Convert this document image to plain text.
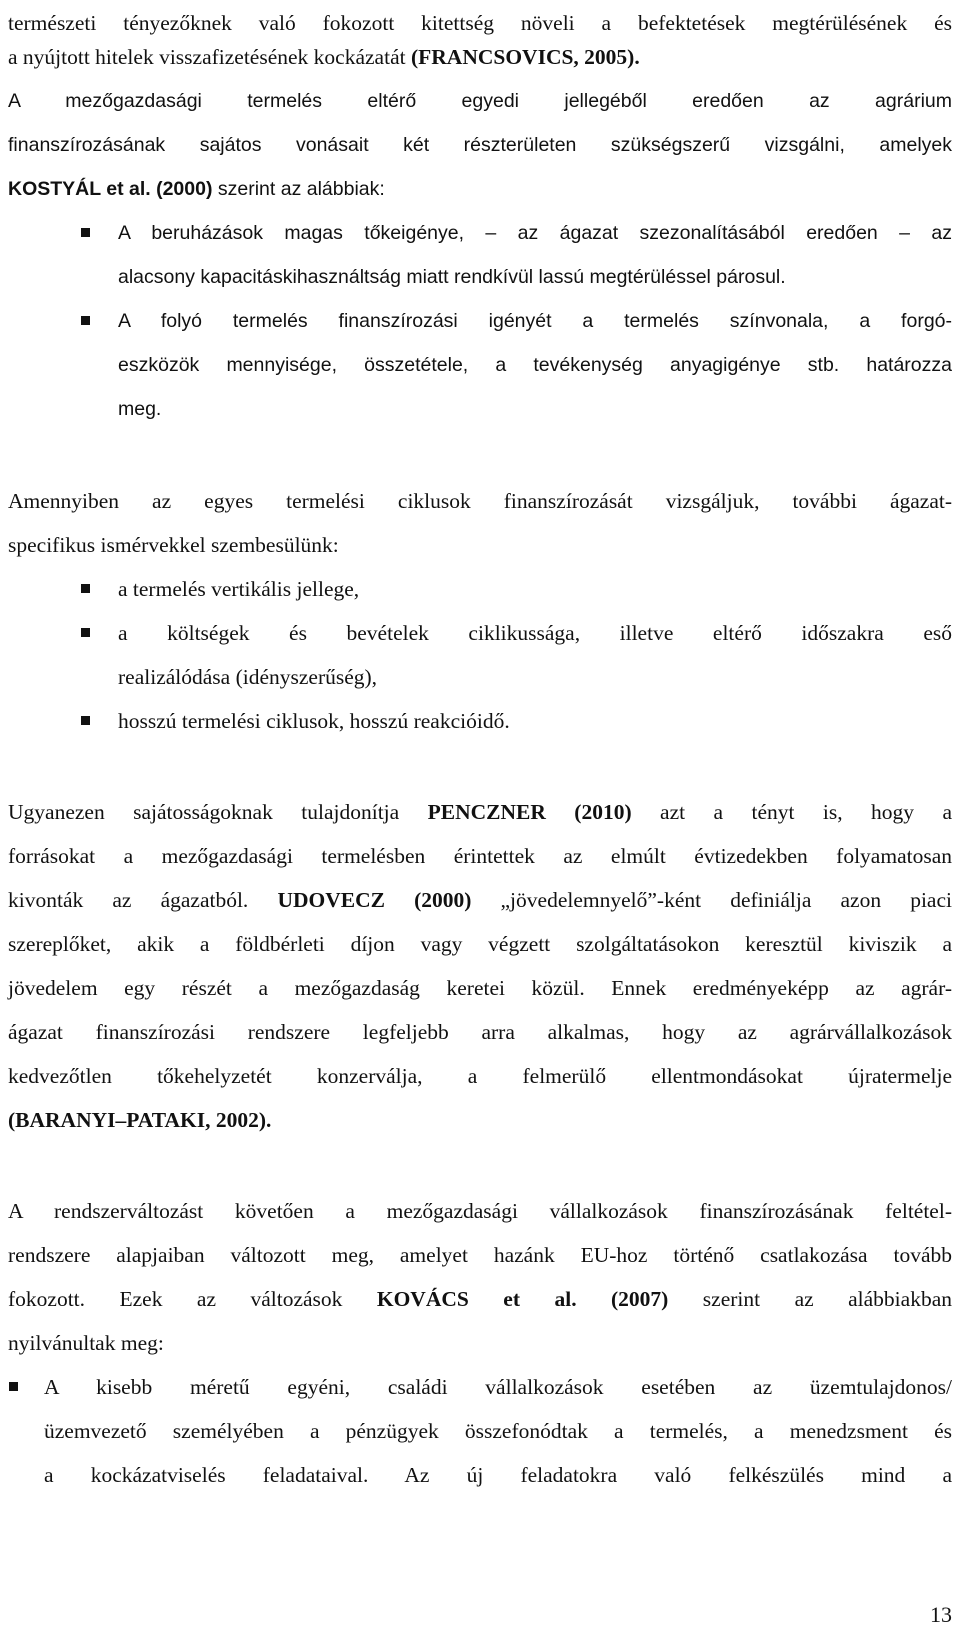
természeti tényezőknek való fokozott kitettség növeli a befektetések megtérülésének és
a nyújtott hitelek visszafizetésének kockázatát (FRANCSOVICS, 2005).
A mezőgazdasági termelés eltérő egyedi jellegéből eredően az agrárium
finanszírozásának sajátos vonásait két részterületen szükségszerű vizsgálni, amelyek
KOSTYÁL et al. (2000) szerint az alábbiak:
A beruházások magas tőkeigénye, – az ágazat szezonalításából eredően – az
alacsony kapacitáskihasználtság miatt rendkívül lassú megtérüléssel párosul.
A folyó termelés finanszírozási igényét a termelés színvonala, a forgó-
eszközök mennyisége, összetétele, a tevékenység anyagigénye stb. határozza
meg.
Amennyiben az egyes termelési ciklusok finanszírozását vizsgáljuk, további ágazat-
specifikus ismérvekkel szembesülünk:
a termelés vertikális jellege,
a költségek és bevételek ciklikussága, illetve eltérő időszakra eső
realizálódása (idényszerűség),
hosszú termelési ciklusok, hosszú reakcióidő.
Ugyanezen sajátosságoknak tulajdonítja PENCZNER (2010) azt a tényt is, hogy a
forrásokat a mezőgazdasági termelésben érintettek az elmúlt évtizedekben folyamatosan
kivonták az ágazatból. UDOVECZ (2000) „jövedelemnyelő”-ként definiálja azon piaci
szereplőket, akik a földbérleti díjon vagy végzett szolgáltatásokon keresztül kiviszik a
jövedelem egy részét a mezőgazdaság keretei közül. Ennek eredményeképp az agrár-
ágazat finanszírozási rendszere legfeljebb arra alkalmas, hogy az agrárvállalkozások
kedvezőtlen tőkehelyzetét konzerválja, a felmerülő ellentmondásokat újratermelje
(BARANYI–PATAKI, 2002).
A rendszerváltozást követően a mezőgazdasági vállalkozások finanszírozásának feltétel-
rendszere alapjaiban változott meg, amelyet hazánk EU-hoz történő csatlakozása tovább
fokozott. Ezek az változások KOVÁCS et al. (2007) szerint az alábbiakban
nyilvánultak meg:
A kisebb méretű egyéni, családi vállalkozások esetében az üzemtulajdonos/
üzemvezető személyében a pénzügyek összefonódtak a termelés, a menedzsment és
a kockázatviselés feladataival. Az új feladatokra való felkészülés mind a
13
